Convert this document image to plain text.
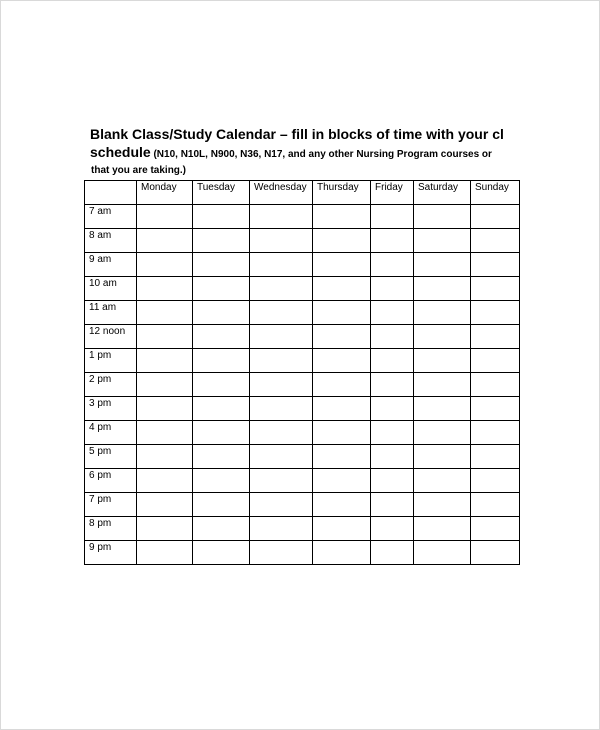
Blank Class/Study Calendar – fill in blocks of time with your cl
schedule (N10, N10L, N900, N36, N17, and any other Nursing Program courses or
that you are taking.)
	Monday	Tuesday	Wednesday	Thursday	Friday	Saturday	Sunday
7 am							
8 am							
9 am							
10 am							
11 am							
12 noon							
1 pm							
2 pm							
3 pm							
4 pm							
5 pm							
6 pm							
7 pm							
8 pm							
9 pm							
